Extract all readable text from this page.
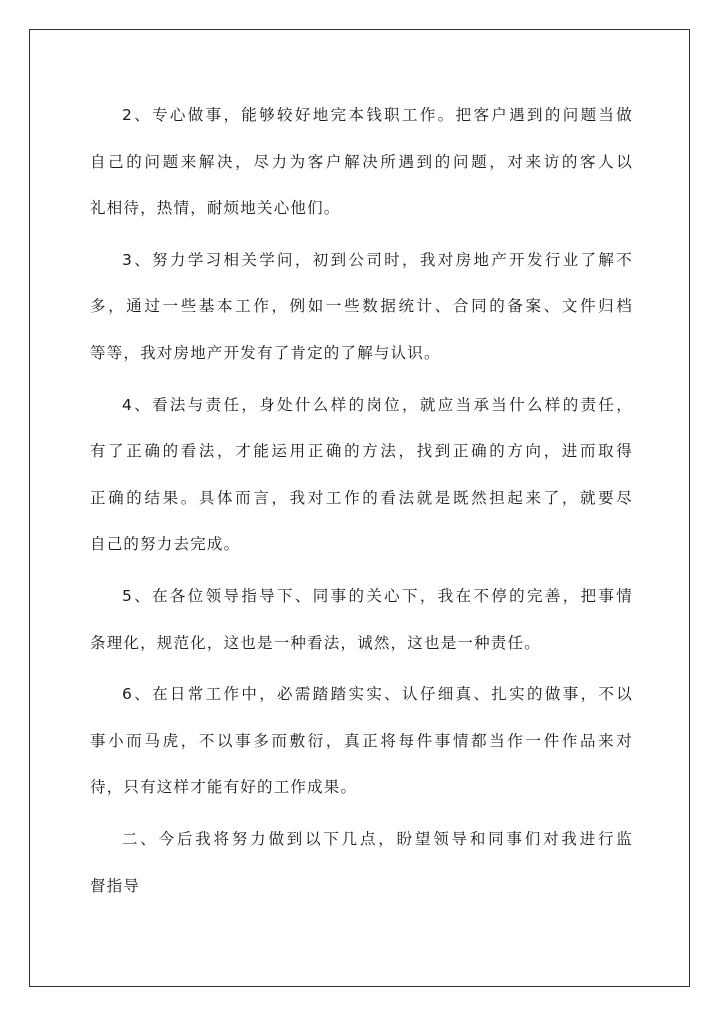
2、专心做事，能够较好地完本钱职工作。把客户遇到的问题当做
自己的问题来解决，尽力为客户解决所遇到的问题，对来访的客人以
礼相待，热情，耐烦地关心他们。
3、努力学习相关学问，初到公司时，我对房地产开发行业了解不
多，通过一些基本工作，例如一些数据统计、合同的备案、文件归档
等等，我对房地产开发有了肯定的了解与认识。
4、看法与责任，身处什么样的岗位，就应当承当什么样的责任，
有了正确的看法，才能运用正确的方法，找到正确的方向，进而取得
正确的结果。具体而言，我对工作的看法就是既然担起来了，就要尽
自己的努力去完成。
5、在各位领导指导下、同事的关心下，我在不停的完善，把事情
条理化，规范化，这也是一种看法，诚然，这也是一种责任。
6、在日常工作中，必需踏踏实实、认仔细真、扎实的做事，不以
事小而马虎，不以事多而敷衍，真正将每件事情都当作一件作品来对
待，只有这样才能有好的工作成果。
二、今后我将努力做到以下几点，盼望领导和同事们对我进行监
督指导
